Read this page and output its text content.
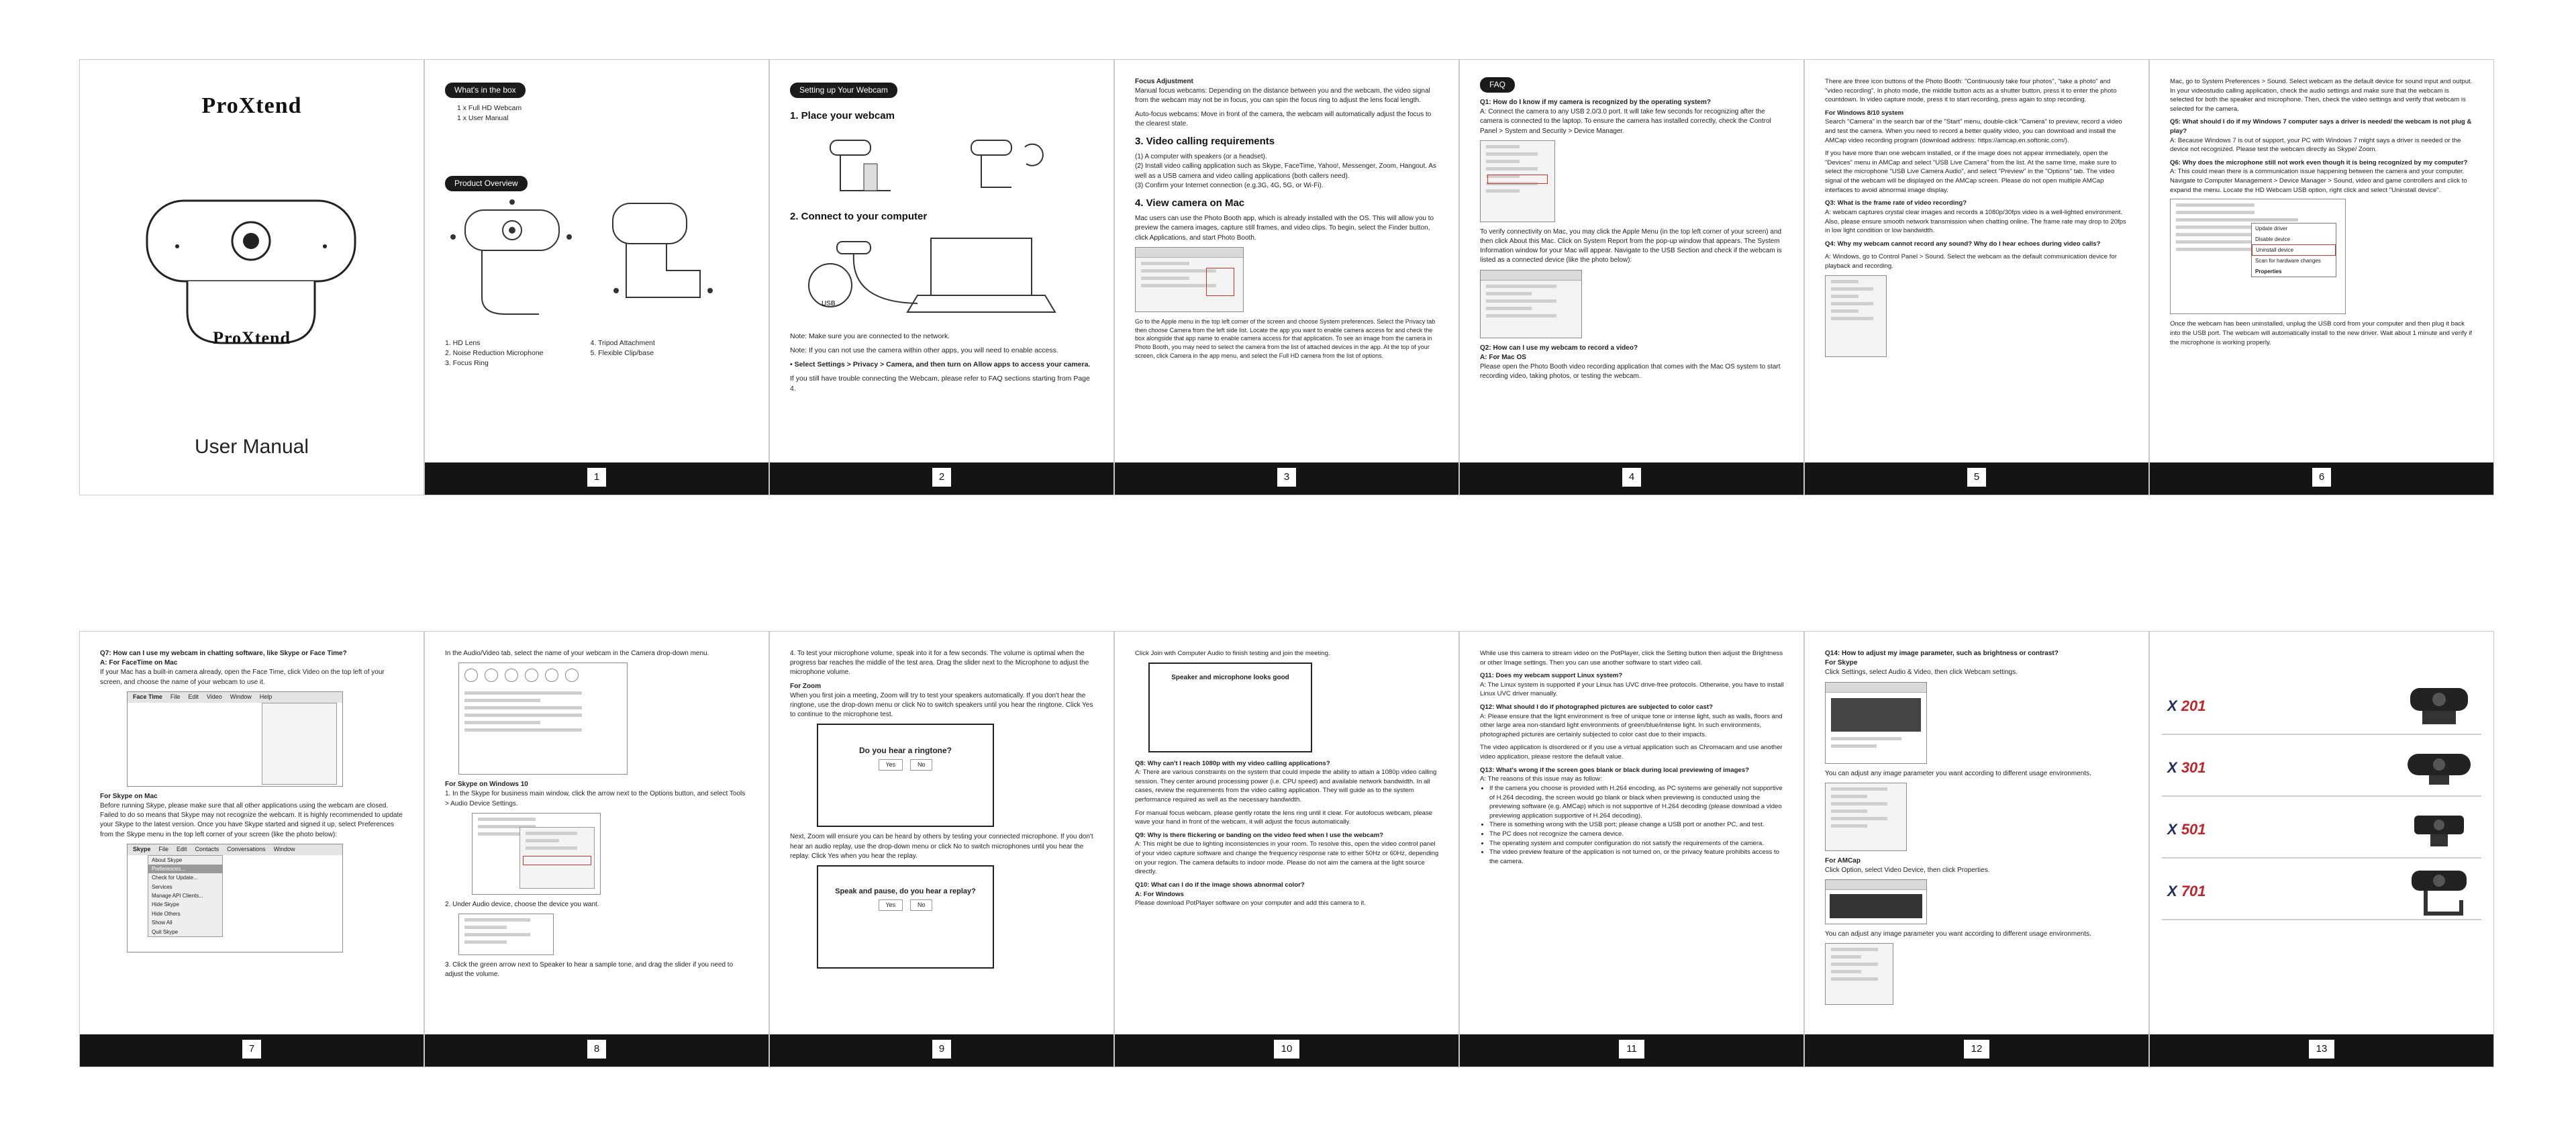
ProXtend
ProXtend
User Manual
What's in the box
1 x Full HD Webcam
1 x User Manual
Product Overview
1. HD Lens
2. Noise Reduction Microphone
3. Focus Ring
4. Tripod Attachment
5. Flexible Clip/base
1
Setting up Your Webcam
1. Place your webcam
2. Connect to your computer
USB

Note: Make sure you are connected to the network.

Note: If you can not use the camera within other apps, you will need to enable access.

• Select Settings > Privacy > Camera, and then turn on Allow apps to access your camera.

If you still have trouble connecting the Webcam, please refer to FAQ sections starting from Page 4.

2

Focus Adjustment

Manual focus webcams: Depending on the distance between you and the webcam, the video signal from the webcam may not be in focus, you can spin the focus ring to adjust the lens focal length.

Auto-focus webcams: Move in front of the camera, the webcam will automatically adjust the focus to the clearest state.

3. Video calling requirements

(1) A computer with speakers (or a headset).

(2) Install video calling application such as Skype, FaceTime, Yahoo!, Messenger, Zoom, Hangout. As well as a USB camera and video calling applications (both callers need).

(3) Confirm your Internet connection (e.g.3G, 4G, 5G, or Wi-Fi).

4. View camera on Mac

Mac users can use the Photo Booth app, which is already installed with the OS. This will allow you to preview the camera images, capture still frames, and video clips. To begin, select the Finder button, click Applications, and start Photo Booth.

Go to the Apple menu in the top left corner of the screen and choose System preferences. Select the Privacy tab then choose Camera from the left side list. Locate the app you want to enable camera access for and check the box alongside that app name to enable camera access for that application. To see an image from the camera in Photo Booth, you may need to select the camera from the list of attached devices in the app. At the top of your screen, click Camera in the app menu, and select the Full HD camera from the list of options.

3
FAQ

Q1: How do I know if my camera is recognized by the operating system?

A: Connect the camera to any USB 2.0/3.0 port. It will take few seconds for recognizing after the camera is connected to the laptop. To ensure the camera has installed correctly, check the Control Panel > System and Security > Device Manager.

To verify connectivity on Mac, you may click the Apple Menu (in the top left corner of your screen) and then click About this Mac. Click on System Report from the pop-up window that appears. The System Information window for your Mac will appear. Navigate to the USB Section and check if the webcam is listed as a connected device (like the photo below):

Q2: How can I use my webcam to record a video?

A: For Mac OS

Please open the Photo Booth video recording application that comes with the Mac OS system to start recording video, taking photos, or testing the webcam.

4

There are three icon buttons of the Photo Booth: "Continuously take four photos", "take a photo" and "video recording". In photo mode, the middle button acts as a shutter button, press it to enter the photo countdown. In video capture mode, press it to start recording, press again to stop recording.

For Windows 8/10 system

Search "Camera" in the search bar of the "Start" menu, double-click "Camera" to preview, record a video and test the camera. When you need to record a better quality video, you can download and install the AMCap video recording program (download address: https://amcap.en.softonic.com/).

If you have more than one webcam installed, or if the image does not appear immediately, open the "Devices" menu in AMCap and select "USB Live Camera" from the list. At the same time, make sure to select the microphone "USB Live Camera Audio", and select "Preview" in the "Options" tab. The video signal of the webcam will be displayed on the AMCap screen. Please do not open multiple AMCap interfaces to avoid abnormal image display.

Q3: What is the frame rate of video recording?

A: webcam captures crystal clear images and records a 1080p/30fps video is a well-lighted environment. Also, please ensure smooth network transmission when chatting online. The frame rate may drop to 20fps in low light condition or low bandwidth.

Q4: Why my webcam cannot record any sound? Why do I hear echoes during video calls?

A: Windows, go to Control Panel > Sound. Select the webcam as the default communication device for playback and recording.

5

Mac, go to System Preferences > Sound. Select webcam as the default device for sound input and output.

In your videostudio calling application, check the audio settings and make sure that the webcam is selected for both the speaker and microphone. Then, check the video settings and verify that webcam is selected for the camera.

Q5: What should I do if my Windows 7 computer says a driver is needed/ the webcam is not plug & play?

A: Because Windows 7 is out of support, your PC with Windows 7 might says a driver is needed or the device not recognized. Please test the webcam directly as Skype/ Zoom.

Q6: Why does the microphone still not work even though it is being recognized by my computer?

A: This could mean there is a communication issue happening between the camera and your computer.

Navigate to Computer Management > Device Manager > Sound, video and game controllers and click to expand the menu. Locate the HD Webcam USB option, right click and select "Uninstall device".

Update driver
Disable device
Uninstall device
Scan for hardware changes
Properties

Once the webcam has been uninstalled, unplug the USB cord from your computer and then plug it back into the USB port. The webcam will automatically install to the new driver. Wait about 1 minute and verify if the microphone is working properly.

6

Q7: How can I use my webcam in chatting software, like Skype or Face Time?

A: For FaceTime on Mac

If your Mac has a built-in camera already, open the Face Time, click Video on the top left of your screen, and choose the name of your webcam to use it.

Face Time File Edit Video Window Help

For Skype on Mac

Before running Skype, please make sure that all other applications using the webcam are closed. Failed to do so means that Skype may not recognize the webcam. It is highly recommended to update your Skype to the latest version. Once you have Skype started and signed it up, select Preferences from the Skype menu in the top left corner of your screen (like the photo below):

Skype File Edit Contacts Conversations Window
About Skype
Preferences...
Check for Update...
Services
Manage API Clients...
Hide Skype
Hide Others
Show All
Quit Skype
7

In the Audio/Video tab, select the name of your webcam in the Camera drop-down menu.

For Skype on Windows 10

1. In the Skype for business main window, click the arrow next to the Options button, and select Tools > Audio Device Settings.

2. Under Audio device, choose the device you want.

3. Click the green arrow next to Speaker to hear a sample tone, and drag the slider if you need to adjust the volume.

8

4. To test your microphone volume, speak into it for a few seconds. The volume is optimal when the progress bar reaches the middle of the test area. Drag the slider next to the Microphone to adjust the microphone volume.

For Zoom

When you first join a meeting, Zoom will try to test your speakers automatically. If you don't hear the ringtone, use the drop-down menu or click No to switch speakers until you hear the ringtone. Click Yes to continue to the microphone test.

Do you hear a ringtone?
Yes	No

Next, Zoom will ensure you can be heard by others by testing your connected microphone. If you don't hear an audio replay, use the drop-down menu or click No to switch microphones until you hear the replay. Click Yes when you hear the replay.

Speak and pause, do you hear a replay?
Yes	No
9

Click Join with Computer Audio to finish testing and join the meeting.

Speaker and microphone looks good

Q8: Why can't I reach 1080p with my video calling applications?

A: There are various constraints on the system that could impede the ability to attain a 1080p video calling session. They center around processing power (i.e. CPU speed) and available network bandwidth. In all cases, review the requirements from the video calling application. They will guide as to the system performance required as well as the necessary bandwidth.

For manual focus webcam, please gently rotate the lens ring until it clear. For autofocus webcam, please wave your hand in front of the webcam, it will adjust the focus automatically.

Q9: Why is there flickering or banding on the video feed when I use the webcam?

A: This might be due to lighting inconsistencies in your room. To resolve this, open the video control panel of your video capture software and change the frequency response rate to either 50Hz or 60Hz, depending on your region. The camera defaults to indoor mode. Please do not aim the camera at the light source directly.

Q10: What can I do if the image shows abnormal color?

A: For Windows

Please download PotPlayer software on your computer and add this camera to it.

10

While use this camera to stream video on the PotPlayer, click the Setting button then adjust the Brightness or other Image settings. Then you can use another software to start video call.

Q11: Does my webcam support Linux system?

A: The Linux system is supported if your Linux has UVC drive-free protocols. Otherwise, you have to install Linux UVC driver manually.

Q12: What should I do if photographed pictures are subjected to color cast?

A: Please ensure that the light environment is free of unique tone or intense light, such as walls, floors and other large area non-standard light environments of green/blue/intense light. In such environments, photographed pictures are certainly subjected to color cast due to their impacts.

The video application is disordered or if you use a virtual application such as Chromacam and use another video application, please restore the default value.

Q13: What's wrong if the screen goes blank or black during local previewing of images?

A: The reasons of this issue may as follow:

• If the camera you choose is provided with H.264 encoding, as PC systems are generally not supportive of H.264 decoding, the screen would go blank or black when previewing is conducted using the previewing software (e.g. AMCap) which is not supportive of H.264 decoding (please download a video previewing application supportive of H.264 decoding).
• There is something wrong with the USB port; please change a USB port or another PC, and test.
• The PC does not recognize the camera device.
• The operating system and computer configuration do not satisfy the requirements of the camera.
• The video preview feature of the application is not turned on, or the privacy feature prohibits access to the camera.
11

Q14: How to adjust my image parameter, such as brightness or contrast?

For Skype

Click Settings, select Audio & Video, then click Webcam settings.

You can adjust any image parameter you want according to different usage environments.

For AMCap

Click Option, select Video Device, then click Properties.

You can adjust any image parameter you want according to different usage environments.

12
X 201
X 301
X 501
X 701
13
